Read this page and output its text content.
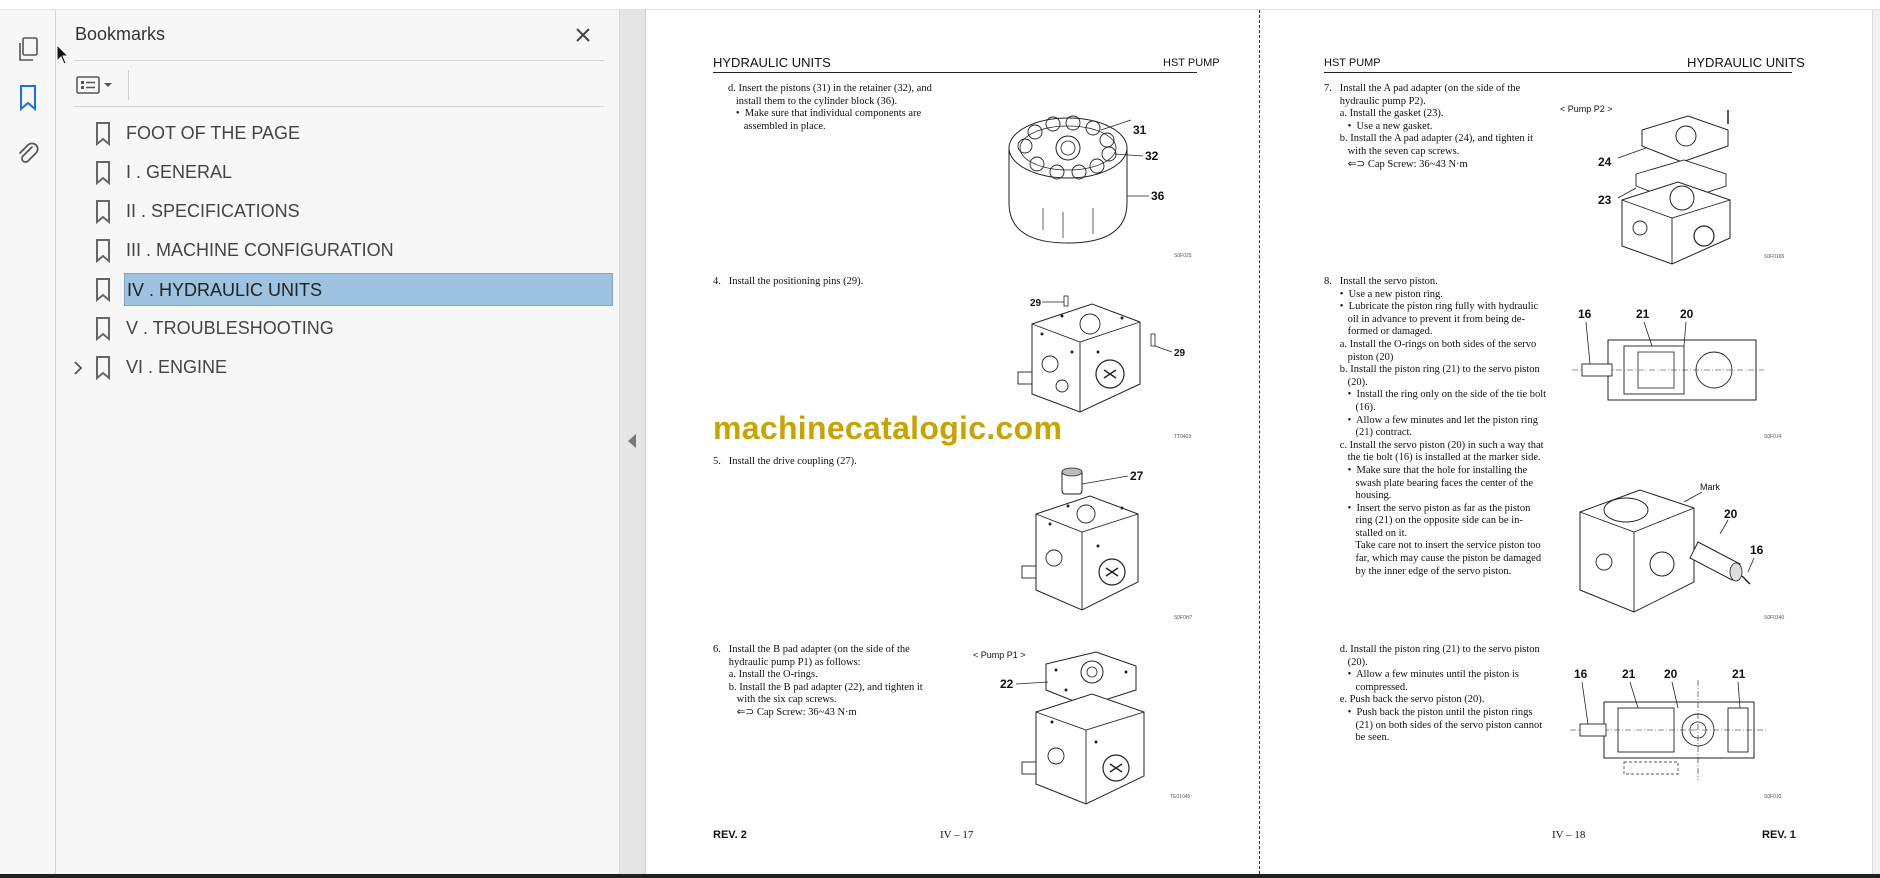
Bookmarks
FOOT OF THE PAGE
I . GENERAL
II . SPECIFICATIONS
III . MACHINE CONFIGURATION
IV . HYDRAULIC UNITS
V . TROUBLESHOOTING
VI . ENGINE
HYDRAULIC UNITS	HST PUMP
d. Insert the pistons (31) in the retainer (32), and
install them to the cylinder block (36).
•  Make sure that individual components are
assembled in place.	31
32
36
S0F025
4.   Install the positioning pins (29).
29
29
TT0403
machinecatalogic.com
5.   Install the drive coupling (27).
27
S0F0H7
6.   Install the B pad adapter (on the side of the
hydraulic pump P1) as follows:
a. Install the O-rings.
b. Install the B pad adapter (22), and tighten it
with the six cap screws.
⇐⊃ Cap Screw: 36~43 N·m
< Pump P1 >
22
TE01045
REV. 2	IV – 17
HST PUMP	HYDRAULIC UNITS
7.   Install the A pad adapter (on the side of the
hydraulic pump P2).
a. Install the gasket (23).
•  Use a new gasket.
b. Install the A pad adapter (24), and tighten it
with the seven cap screws.
⇐⊃ Cap Screw: 36~43 N·m
< Pump P2 >
24
23
S0F0165
8.   Install the servo piston.
•  Use a new piston ring.
•  Lubricate the piston ring fully with hydraulic
oil in advance to prevent it from being de-
formed or damaged.
a. Install the O-rings on both sides of the servo
piston (20)
b. Install the piston ring (21) to the servo piston
(20).
•  Install the ring only on the side of the tie bolt
(16).
•  Allow a few minutes and let the piston ring
(21) contract.
c. Install the servo piston (20) in such a way that
the tie bolt (16) is installed at the marker side.
•  Make sure that the hole for installing the
swash plate bearing faces the center of the
housing.
•  Insert the servo piston as far as the piston
ring (21) on the opposite side can be in-
stalled on it.
Take care not to insert the service piston too
far, which may cause the piston be damaged
by the inner edge of the servo piston.
16	21	20
S0F0J4
Mark
20
16
S0F0140
d. Install the piston ring (21) to the servo piston
(20).
•  Allow a few minutes until the piston is
compressed.
e. Push back the servo piston (20).
•  Push back the piston until the piston rings
(21) on both sides of the servo piston cannot
be seen.
16	21 20	21
S0F0J0
IV – 18	REV. 1
